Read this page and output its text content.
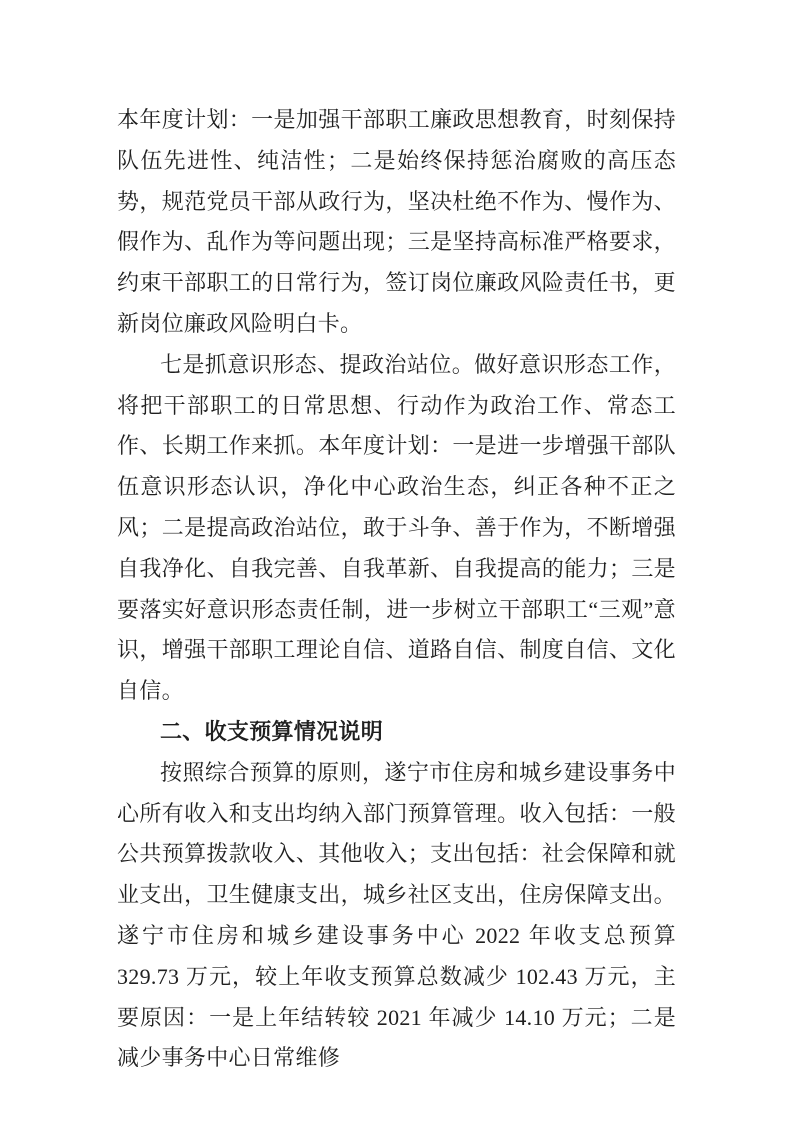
本年度计划：一是加强干部职工廉政思想教育，时刻保持队伍先进性、纯洁性；二是始终保持惩治腐败的高压态势，规范党员干部从政行为，坚决杜绝不作为、慢作为、假作为、乱作为等问题出现；三是坚持高标准严格要求，约束干部职工的日常行为，签订岗位廉政风险责任书，更新岗位廉政风险明白卡。

七是抓意识形态、提政治站位。做好意识形态工作，将把干部职工的日常思想、行动作为政治工作、常态工作、长期工作来抓。本年度计划：一是进一步增强干部队伍意识形态认识，净化中心政治生态，纠正各种不正之风；二是提高政治站位，敢于斗争、善于作为，不断增强自我净化、自我完善、自我革新、自我提高的能力；三是要落实好意识形态责任制，进一步树立干部职工“三观”意识，增强干部职工理论自信、道路自信、制度自信、文化自信。

二、收支预算情况说明

按照综合预算的原则，遂宁市住房和城乡建设事务中心所有收入和支出均纳入部门预算管理。收入包括：一般公共预算拨款收入、其他收入；支出包括：社会保障和就业支出，卫生健康支出，城乡社区支出，住房保障支出。遂宁市住房和城乡建设事务中心 2022 年收支总预算 329.73 万元，较上年收支预算总数减少 102.43 万元，主要原因：一是上年结转较 2021 年减少 14.10 万元；二是减少事务中心日常维修
